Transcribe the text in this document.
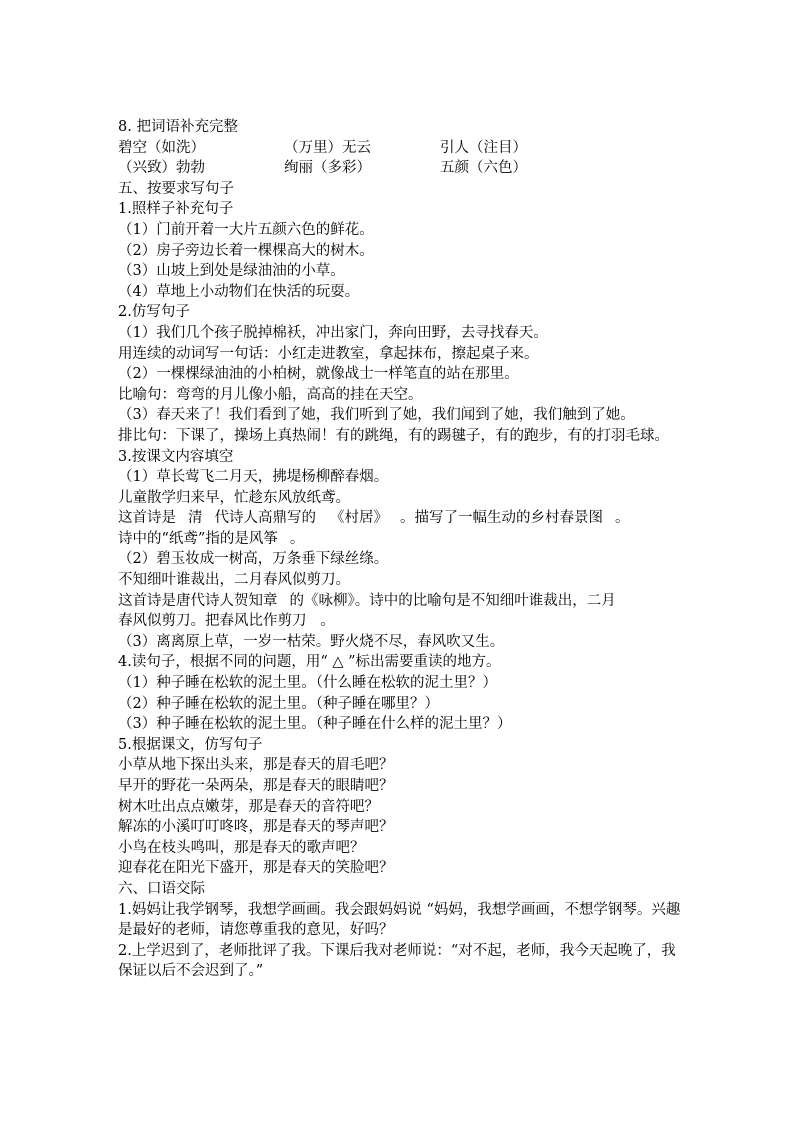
8. 把词语补充完整
碧空（如洗）	（万里）无云	引人（注目）
（兴致）勃勃	绚丽（多彩）	五颜（六色）
五、按要求写句子
1.照样子补充句子
（1）门前开着一大片五颜六色的鲜花。
（2）房子旁边长着一棵棵高大的树木。
（3）山坡上到处是绿油油的小草。
（4）草地上小动物们在快活的玩耍。
2.仿写句子
（1）我们几个孩子脱掉棉袄，冲出家门，奔向田野，去寻找春天。
用连续的动词写一句话：小红走进教室，拿起抹布，擦起桌子来。
（2）一棵棵绿油油的小柏树，就像战士一样笔直的站在那里。
比喻句：弯弯的月儿像小船，高高的挂在天空。
（3）春天来了！我们看到了她，我们听到了她，我们闻到了她，我们触到了她。
排比句：下课了，操场上真热闹！有的跳绳，有的踢毽子，有的跑步，有的打羽毛球。
3.按课文内容填空
（1）草长莺飞二月天，拂堤杨柳醉春烟。
儿童散学归来早，忙趁东风放纸鸢。
这首诗是 清 代诗人高鼎写的 《村居》 。描写了一幅生动的乡村春景图 。
诗中的“纸鸢”指的是风筝 。
（2）碧玉妆成一树高，万条垂下绿丝绦。
不知细叶谁裁出，二月春风似剪刀。
这首诗是唐代诗人贺知章 的《咏柳》。诗中的比喻句是不知细叶谁裁出，二月
春风似剪刀。把春风比作剪刀 。
（3）离离原上草，一岁一枯荣。野火烧不尽，春风吹又生。
4.读句子，根据不同的问题，用“ △ ”标出需要重读的地方。
（1）种子睡在松软的泥土里。（什么睡在松软的泥土里？）
（2）种子睡在松软的泥土里。（种子睡在哪里？）
（3）种子睡在松软的泥土里。（种子睡在什么样的泥土里？）
5.根据课文，仿写句子
小草从地下探出头来，那是春天的眉毛吧？
早开的野花一朵两朵，那是春天的眼睛吧？
树木吐出点点嫩芽，那是春天的音符吧？
解冻的小溪叮叮咚咚，那是春天的琴声吧？
小鸟在枝头鸣叫，那是春天的歌声吧？
迎春花在阳光下盛开，那是春天的笑脸吧？
六、口语交际
1.妈妈让我学钢琴，我想学画画。我会跟妈妈说 “妈妈，我想学画画，不想学钢琴。兴趣是最好的老师，请您尊重我的意见，好吗？
2.上学迟到了，老师批评了我。下课后我对老师说：“对不起，老师，我今天起晚了，我保证以后不会迟到了。”
